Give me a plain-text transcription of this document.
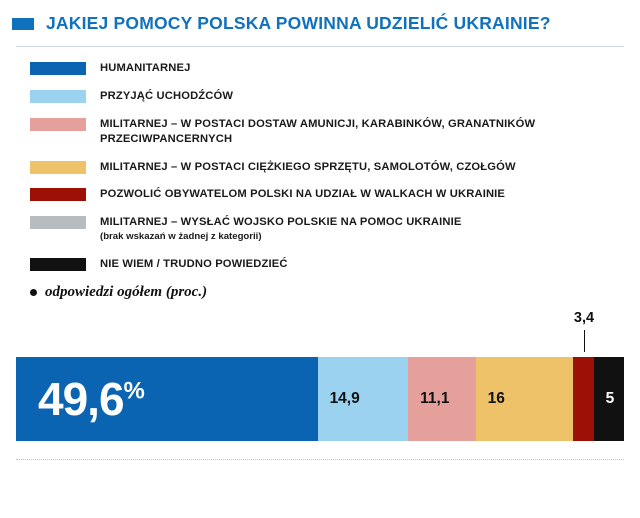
JAKIEJ POMOCY POLSKA POWINNA UDZIELIĆ UKRAINIE?
HUMANITARNEJ
PRZYJĄĆ UCHODŹCÓW
MILITARNEJ – W POSTACI DOSTAW AMUNICJI, KARABINKÓW, GRANATNIKÓW PRZECIWPANCERNYCH
MILITARNEJ – W POSTACI CIĘŻKIEGO SPRZĘTU, SAMOLOTÓW, CZOŁGÓW
POZWOLIĆ OBYWATELOM POLSKI NA UDZIAŁ W WALKACH W UKRAINIE
MILITARNEJ – WYSŁAĆ WOJSKO POLSKIE NA POMOC UKRAINIE
(brak wskazań w żadnej z kategorii)
NIE WIEM / TRUDNO POWIEDZIEĆ
odpowiedzi ogółem (proc.)
3,4
49,6%	14,9	11,1 16	5
